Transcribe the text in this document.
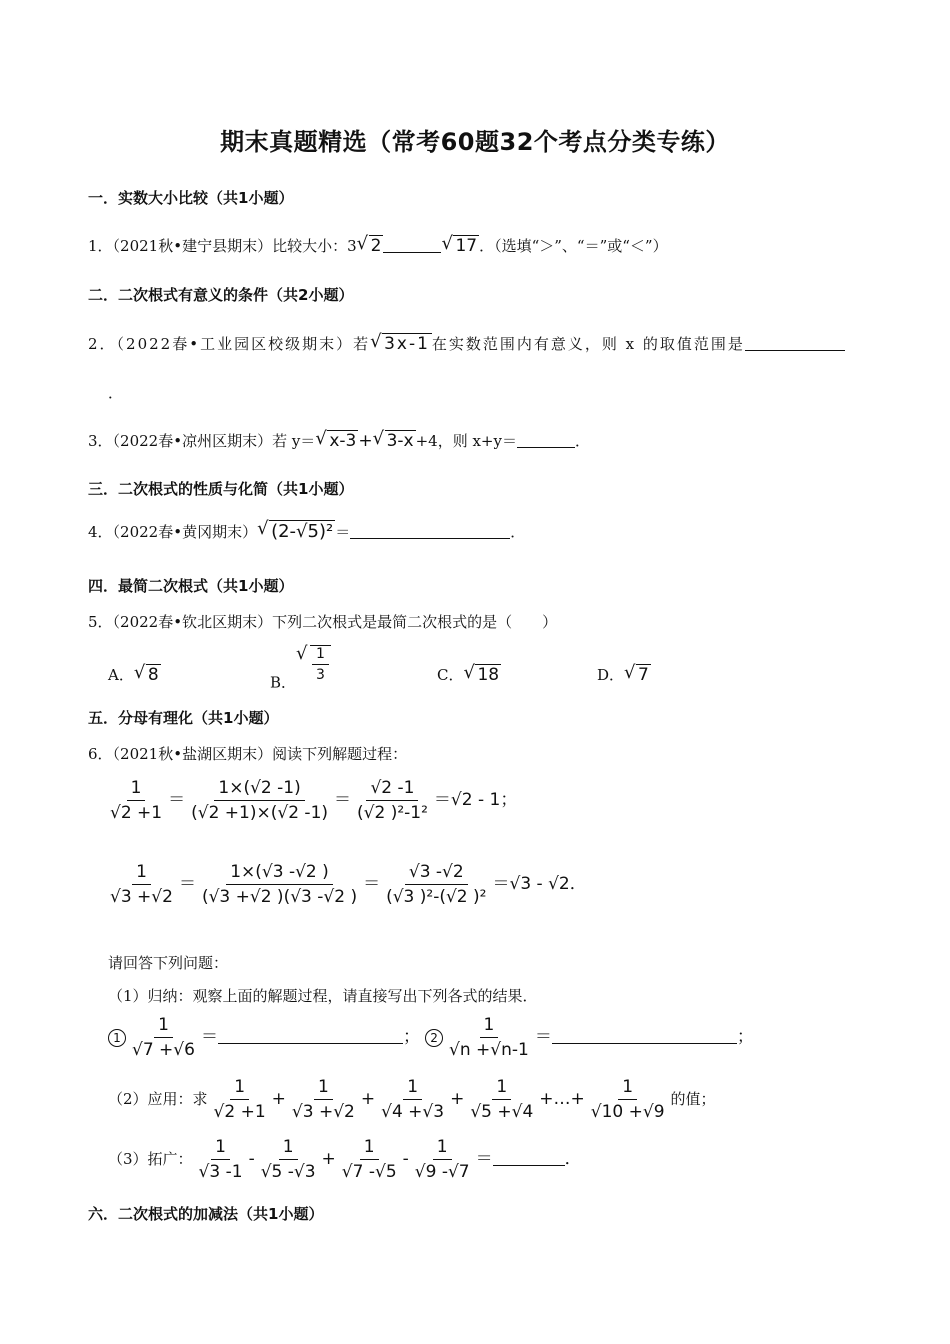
期末真题精选（常考60题32个考点分类专练）
一．实数大小比较（共1小题）
1．（2021秋•建宁县期末）比较大小：3 √ 2	√ 17 ．（选填“＞”、“＝”或“＜”）
二．二次根式有意义的条件（共2小题）
2．（2022春•工业园区校级期末）若 √ 3x-1 在实数范围内有意义，则 x 的取值范围是
．
3．（2022春•凉州区期末）若 y＝ √ x-3 + √ 3-x +4，则 x+y＝	．
三．二次根式的性质与化简（共1小题）
4．（2022春•黄冈期末） √ (2-√5)² ＝	．
四．最简二次根式（共1小题）
5．（2022春•钦北区期末）下列二次根式是最简二次根式的是（　　）
A． √ 8	B． √ $\frac{1}{3}$	C． √ 18	D． √ 7
五．分母有理化（共1小题）
6．（2021秋•盐湖区期末）阅读下列解题过程：
$\frac{1}{√2 +1} = \frac{1\times(√2 -1)}{(√2 +1)\times(√2 -1)} = \frac{√2 -1}{\text{(√2 )²-1²}} =√2 - 1$；
$\frac{1}{√3 +√2} = \frac{1\times(√3 -√2 )}{(√3 +√2 )(√3 -√2 )} = \frac{√3 -√2}{\text{(√3 )²-(√2 )²}} =√3 - √2$．
请回答下列问题：
（1）归纳：观察上面的解题过程，请直接写出下列各式的结果．
$1 \frac{1}{√7 +√6}$ ＝	； $2 \frac{1}{√n +√n-1}$ ＝	；
（2）应用：求 $\frac{1}{√2 +1} + \frac{1}{√3 +√2} + \frac{1}{√4 +√3} + \frac{1}{√5 +√4}$ +…+ $\frac{1}{√10 +√9}$ 的值；
（3）拓广： $\frac{1}{√3 -1} - \frac{1}{√5 -√3} + \frac{1}{√7 -√5} - \frac{1}{√9 -√7}$ ＝	．
六．二次根式的加减法（共1小题）
